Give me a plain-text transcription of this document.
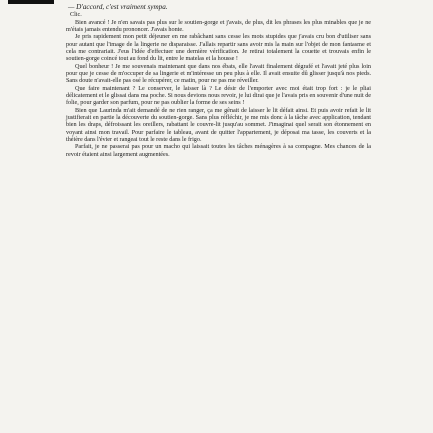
— D'accord, c'est vraiment sympa.

Clic.

Bien avancé ! Je n'en savais pas plus sur le soutien-gorge et j'avais, de plus, dit les phrases les plus minables que je ne m'étais jamais entendu prononcer. J'avais honte.

Je pris rapidement mon petit déjeuner en me rabâchant sans cesse les mots stupides que j'avais cru bon d'utiliser sans pour autant que l'image de la lingerie ne disparaisse. J'allais repartir sans avoir mis la main sur l'objet de mon fantasme et cela me contrariait. J'eus l'idée d'effectuer une dernière vérification. Je retirai totalement la couette et trouvais enfin le soutien-gorge coincé tout au fond du lit, entre le matelas et la housse !

Quel bonheur ! Je me souvenais maintenant que dans nos ébats, elle l'avait finalement dégrafé et l'avait jeté plus loin pour que je cesse de m'occuper de sa lingerie et m'intéresse un peu plus à elle. Il avait ensuite dû glisser jusqu'à nos pieds. Sans doute n'avait-elle pas osé le récupérer, ce matin, pour ne pas me réveiller.

Que faire maintenant ? Le conserver, le laisser là ? Le désir de l'emporter avec moi était trop fort : je le pliai délicatement et le glissai dans ma poche. Si nous devions nous revoir, je lui dirai que je l'avais pris en souvenir d'une nuit de folie, pour garder son parfum, pour ne pas oublier la forme de ses seins !

Bien que Laurinda m'ait demandé de ne rien ranger, ça me gênait de laisser le lit défait ainsi. Et puis avoir refait le lit justifierait en partie la découverte du soutien-gorge. Sans plus réfléchir, je me mis donc à la tâche avec application, tendant bien les draps, défroissant les oreillers, rabattant le couvre-lit jusqu'au sommet. J'imaginai quel serait son étonnement en voyant ainsi mon travail. Pour parfaire le tableau, avant de quitter l'appartement, je déposai ma tasse, les couverts et la théière dans l'évier et rangeai tout le reste dans le frigo.

Parfait, je ne passerai pas pour un macho qui laissait toutes les tâches ménagères à sa compagne. Mes chances de la revoir étaient ainsi largement augmentées.
